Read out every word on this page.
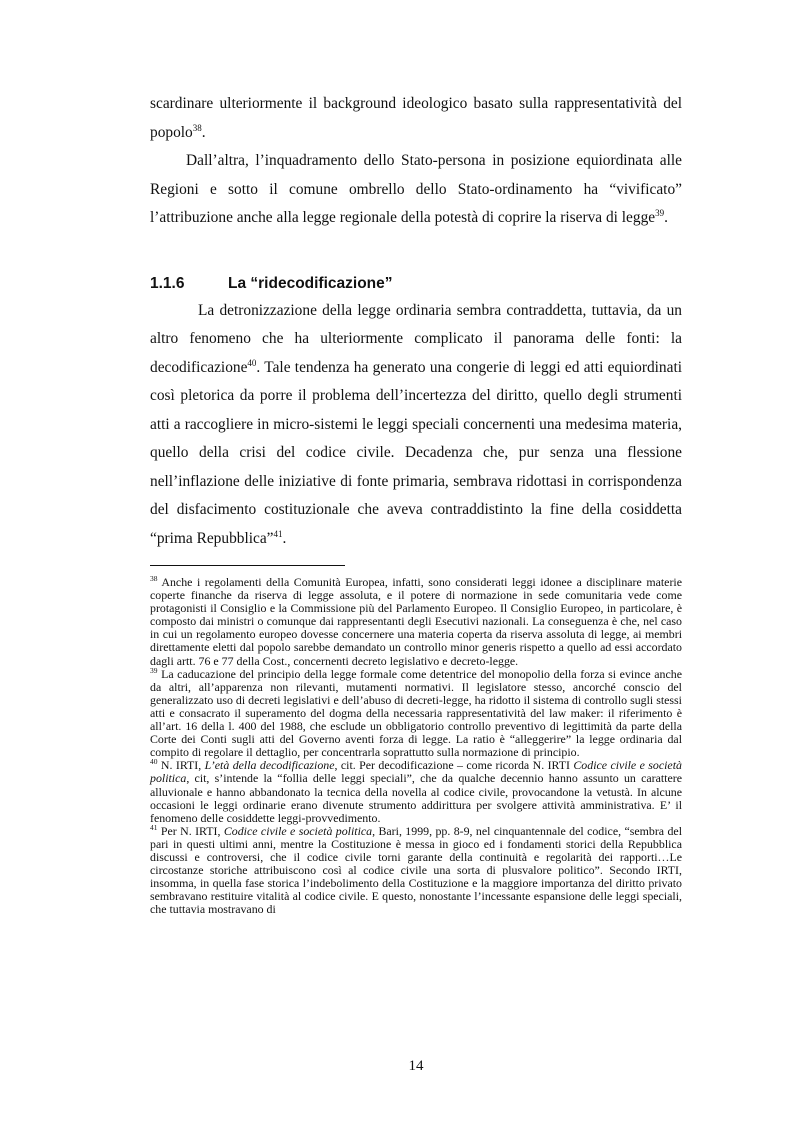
scardinare ulteriormente il background ideologico basato sulla rappresentatività del popolo$^{38}$.

Dall’altra, l’inquadramento dello Stato-persona in posizione equiordinata alle Regioni e sotto il comune ombrello dello Stato-ordinamento ha “vivificato” l’attribuzione anche alla legge regionale della potestà di coprire la riserva di legge$^{39}$.

1.1.6	La “ridecodificazione”

La detronizzazione della legge ordinaria sembra contraddetta, tuttavia, da un altro fenomeno che ha ulteriormente complicato il panorama delle fonti: la decodificazione$^{40}$. Tale tendenza ha generato una congerie di leggi ed atti equiordinati così pletorica da porre il problema dell’incertezza del diritto, quello degli strumenti atti a raccogliere in micro-sistemi le leggi speciali concernenti una medesima materia, quello della crisi del codice civile. Decadenza che, pur senza una flessione nell’inflazione delle iniziative di fonte primaria, sembrava ridottasi in corrispondenza del disfacimento costituzionale che aveva contraddistinto la fine della cosiddetta “prima Repubblica”$^{41}$.

$^{38}$ Anche i regolamenti della Comunità Europea, infatti, sono considerati leggi idonee a disciplinare materie coperte finanche da riserva di legge assoluta, e il potere di normazione in sede comunitaria vede come protagonisti il Consiglio e la Commissione più del Parlamento Europeo. Il Consiglio Europeo, in particolare, è composto dai ministri o comunque dai rappresentanti degli Esecutivi nazionali. La conseguenza è che, nel caso in cui un regolamento europeo dovesse concernere una materia coperta da riserva assoluta di legge, ai membri direttamente eletti dal popolo sarebbe demandato un controllo minor generis rispetto a quello ad essi accordato dagli artt. 76 e 77 della Cost., concernenti decreto legislativo e decreto-legge.

$^{39}$ La caducazione del principio della legge formale come detentrice del monopolio della forza si evince anche da altri, all’apparenza non rilevanti, mutamenti normativi. Il legislatore stesso, ancorché conscio del generalizzato uso di decreti legislativi e dell’abuso di decreti-legge, ha ridotto il sistema di controllo sugli stessi atti e consacrato il superamento del dogma della necessaria rappresentatività del law maker: il riferimento è all’art. 16 della l. 400 del 1988, che esclude un obbligatorio controllo preventivo di legittimità da parte della Corte dei Conti sugli atti del Governo aventi forza di legge. La ratio è “alleggerire” la legge ordinaria dal compito di regolare il dettaglio, per concentrarla soprattutto sulla normazione di principio.

$^{40}$ N. IRTI, L’età della decodificazione, cit. Per decodificazione – come ricorda N. IRTI Codice civile e società politica, cit, s’intende la “follia delle leggi speciali”, che da qualche decennio hanno assunto un carattere alluvionale e hanno abbandonato la tecnica della novella al codice civile, provocandone la vetustà. In alcune occasioni le leggi ordinarie erano divenute strumento addirittura per svolgere attività amministrativa. E’ il fenomeno delle cosiddette leggi-provvedimento.

$^{41}$ Per N. IRTI, Codice civile e società politica, Bari, 1999, pp. 8-9, nel cinquantennale del codice, “sembra del pari in questi ultimi anni, mentre la Costituzione è messa in gioco ed i fondamenti storici della Repubblica discussi e controversi, che il codice civile torni garante della continuità e regolarità dei rapporti…Le circostanze storiche attribuiscono così al codice civile una sorta di plusvalore politico”. Secondo IRTI, insomma, in quella fase storica l’indebolimento della Costituzione e la maggiore importanza del diritto privato sembravano restituire vitalità al codice civile. E questo, nonostante l’incessante espansione delle leggi speciali, che tuttavia mostravano di

14
